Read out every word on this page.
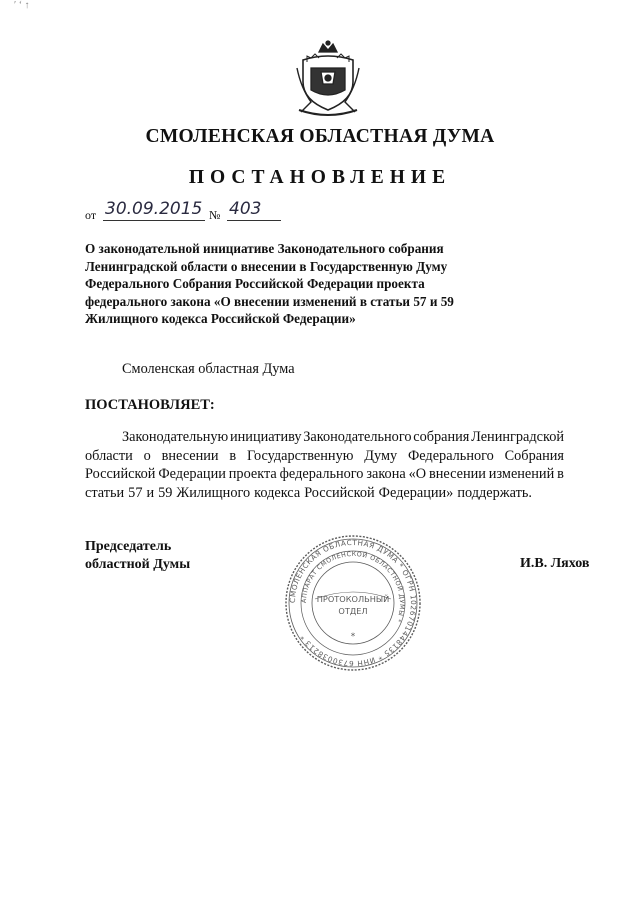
′ ‘ ↑
СМОЛЕНСКАЯ ОБЛАСТНАЯ ДУМА
ПОСТАНОВЛЕНИЕ
от 30.09.2015 № 403
О законодательной инициативе Законодательного собрания
Ленинградской области о внесении в Государственную Думу
Федерального Собрания Российской Федерации проекта
федерального закона «О внесении изменений в статьи 57 и 59
Жилищного кодекса Российской Федерации»
Смоленская областная Дума
ПОСТАНОВЛЯЕТ:
Законодательную инициативу Законодательного собрания Ленинградской
области о внесении в Государственную Думу Федерального Собрания
Российской Федерации проекта федерального закона «О внесении изменений в
статьи 57 и 59 Жилищного кодекса Российской Федерации» поддержать.
Председатель
областной Думы	И.В. Ляхов
СМОЛЕНСКАЯ ОБЛАСТНАЯ ДУМА * ОГРН 1026701448135 * ИНН 6730038213 *
АППАРАТ СМОЛЕНСКОЙ ОБЛАСТНОЙ ДУМЫ *
ПРОТОКОЛЬНЫЙ
ОТДЕЛ
*
